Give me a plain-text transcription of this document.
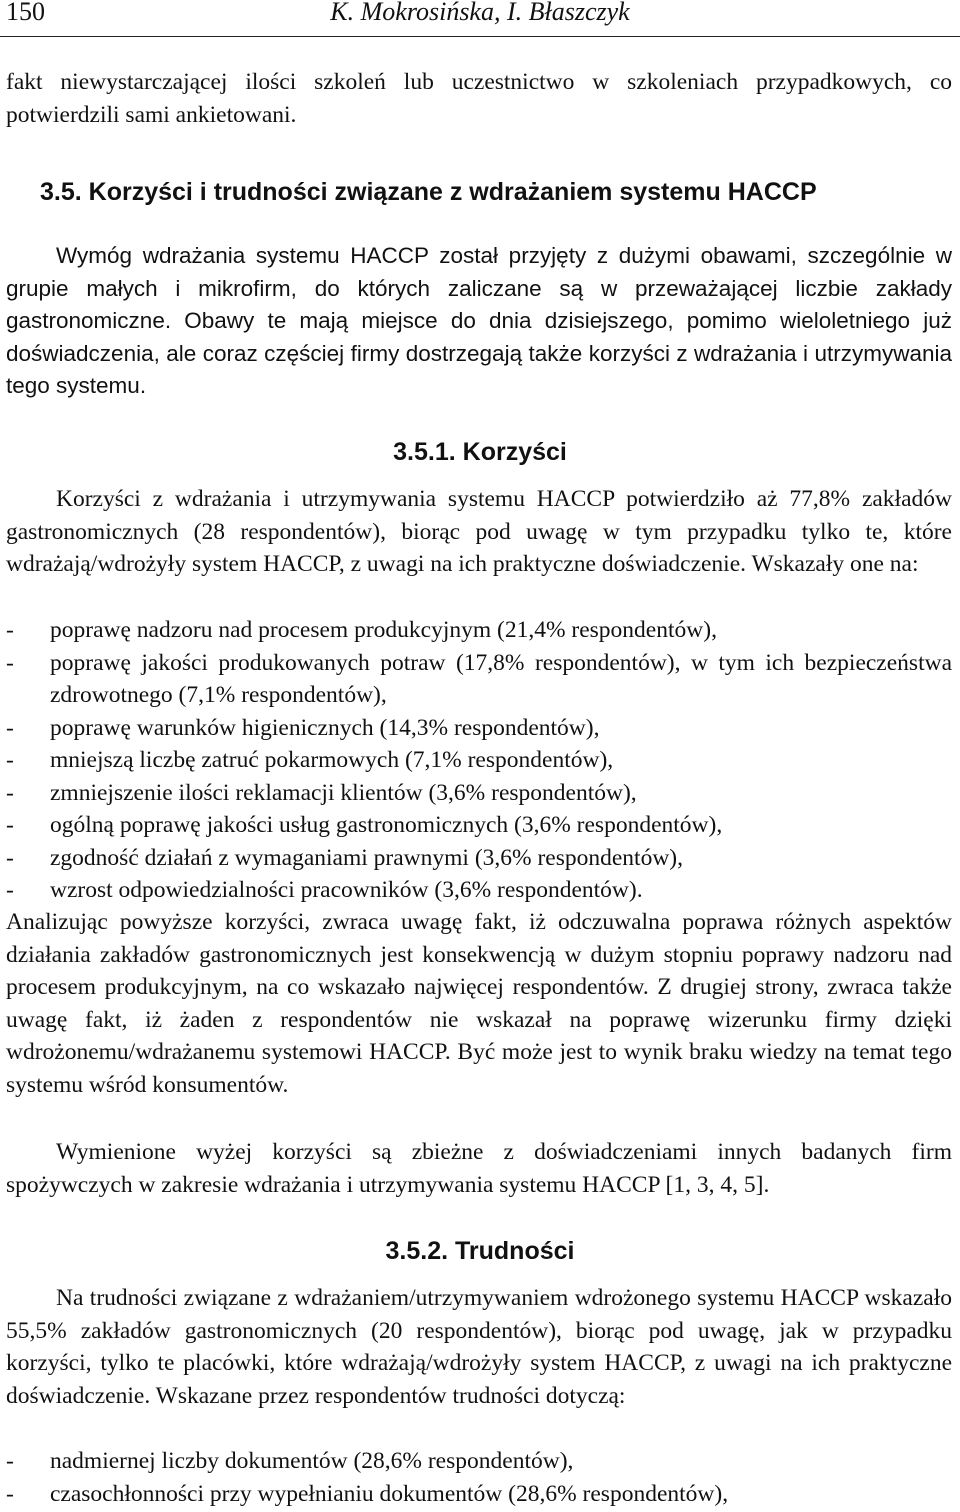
150	K. Mokrosińska, I. Błaszczyk

fakt niewystarczającej ilości szkoleń lub uczestnictwo w szkoleniach przypadkowych, co potwierdzili sami ankietowani.

3.5. Korzyści i trudności związane z wdrażaniem systemu HACCP

Wymóg wdrażania systemu HACCP został przyjęty z dużymi obawami, szczególnie w grupie małych i mikrofirm, do których zaliczane są w przeważającej liczbie zakłady gastronomiczne. Obawy te mają miejsce do dnia dzisiejszego, pomimo wieloletniego już doświadczenia, ale coraz częściej firmy dostrzegają także korzyści z wdrażania i utrzymywania tego systemu.

3.5.1. Korzyści

Korzyści z wdrażania i utrzymywania systemu HACCP potwierdziło aż 77,8% zakładów gastronomicznych (28 respondentów), biorąc pod uwagę w tym przypadku tylko te, które wdrażają/wdrożyły system HACCP, z uwagi na ich praktyczne doświadczenie. Wskazały one na:

- poprawę nadzoru nad procesem produkcyjnym (21,4% respondentów),
- poprawę jakości produkowanych potraw (17,8% respondentów), w tym ich bezpieczeństwa zdrowotnego (7,1% respondentów),
- poprawę warunków higienicznych (14,3% respondentów),
- mniejszą liczbę zatruć pokarmowych (7,1% respondentów),
- zmniejszenie ilości reklamacji klientów (3,6% respondentów),
- ogólną poprawę jakości usług gastronomicznych (3,6% respondentów),
- zgodność działań z wymaganiami prawnymi (3,6% respondentów),
- wzrost odpowiedzialności pracowników (3,6% respondentów).

Analizując powyższe korzyści, zwraca uwagę fakt, iż odczuwalna poprawa różnych aspektów działania zakładów gastronomicznych jest konsekwencją w dużym stopniu poprawy nadzoru nad procesem produkcyjnym, na co wskazało najwięcej respondentów. Z drugiej strony, zwraca także uwagę fakt, iż żaden z respondentów nie wskazał na poprawę wizerunku firmy dzięki wdrożonemu/wdrażanemu systemowi HACCP. Być może jest to wynik braku wiedzy na temat tego systemu wśród konsumentów.

Wymienione wyżej korzyści są zbieżne z doświadczeniami innych badanych firm spożywczych w zakresie wdrażania i utrzymywania systemu HACCP [1, 3, 4, 5].

3.5.2. Trudności

Na trudności związane z wdrażaniem/utrzymywaniem wdrożonego systemu HACCP wskazało 55,5% zakładów gastronomicznych (20 respondentów), biorąc pod uwagę, jak w przypadku korzyści, tylko te placówki, które wdrażają/wdrożyły system HACCP, z uwagi na ich praktyczne doświadczenie. Wskazane przez respondentów trudności dotyczą:

- nadmiernej liczby dokumentów (28,6% respondentów),
- czasochłonności przy wypełnianiu dokumentów (28,6% respondentów),
